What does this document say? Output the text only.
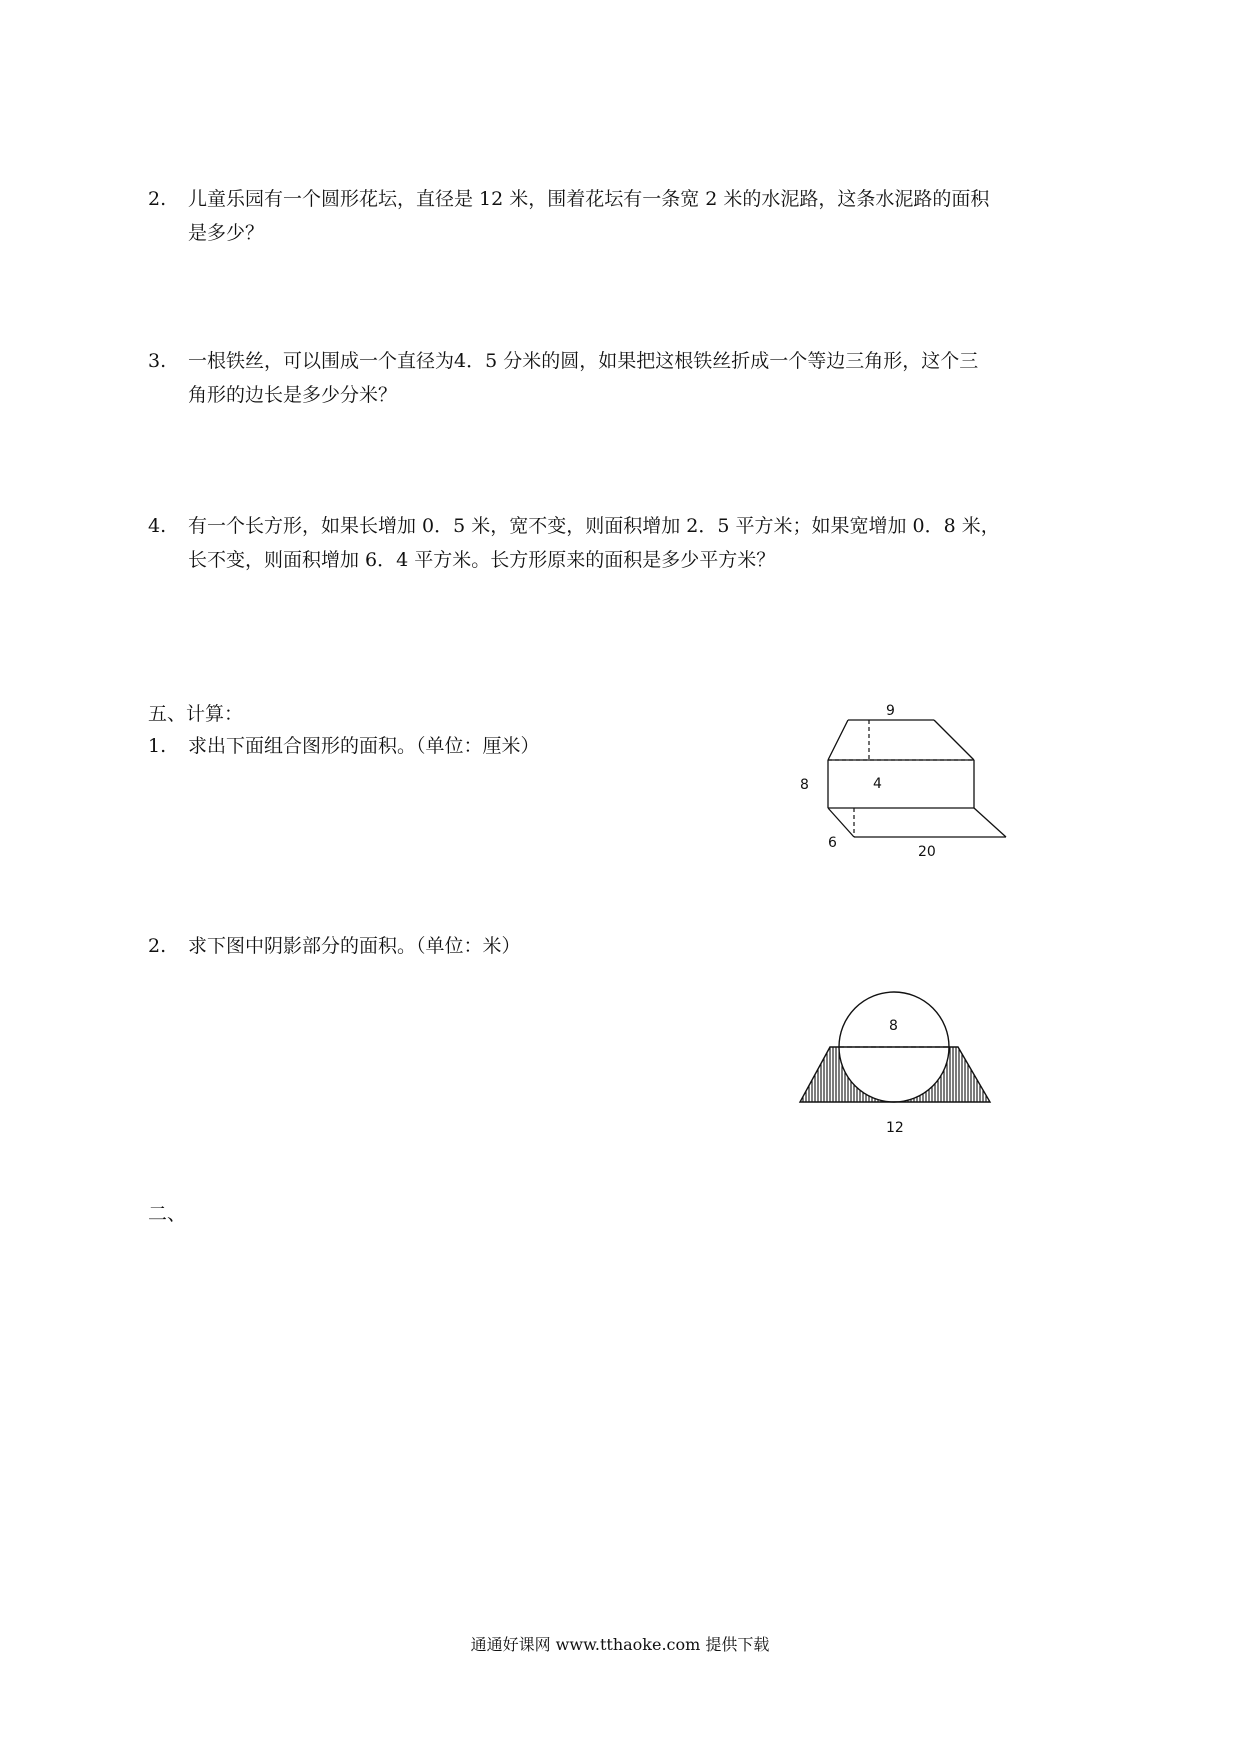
2. 儿童乐园有一个圆形花坛，直径是 12 米，围着花坛有一条宽 2 米的水泥路，这条水泥路的面积
是多少？
3. 一根铁丝，可以围成一个直径为4．5 分米的圆，如果把这根铁丝折成一个等边三角形，这个三
角形的边长是多少分米？
4. 有一个长方形，如果长增加 0．5 米，宽不变，则面积增加 2．5 平方米；如果宽增加 0．8 米，
长不变，则面积增加 6．4 平方米。长方形原来的面积是多少平方米？
五、计算：
1. 求出下面组合图形的面积。（单位：厘米）
9
8	4
6
20
2. 求下图中阴影部分的面积。（单位：米）
8
12
二、
通通好课网 www.tthaoke.com 提供下载
